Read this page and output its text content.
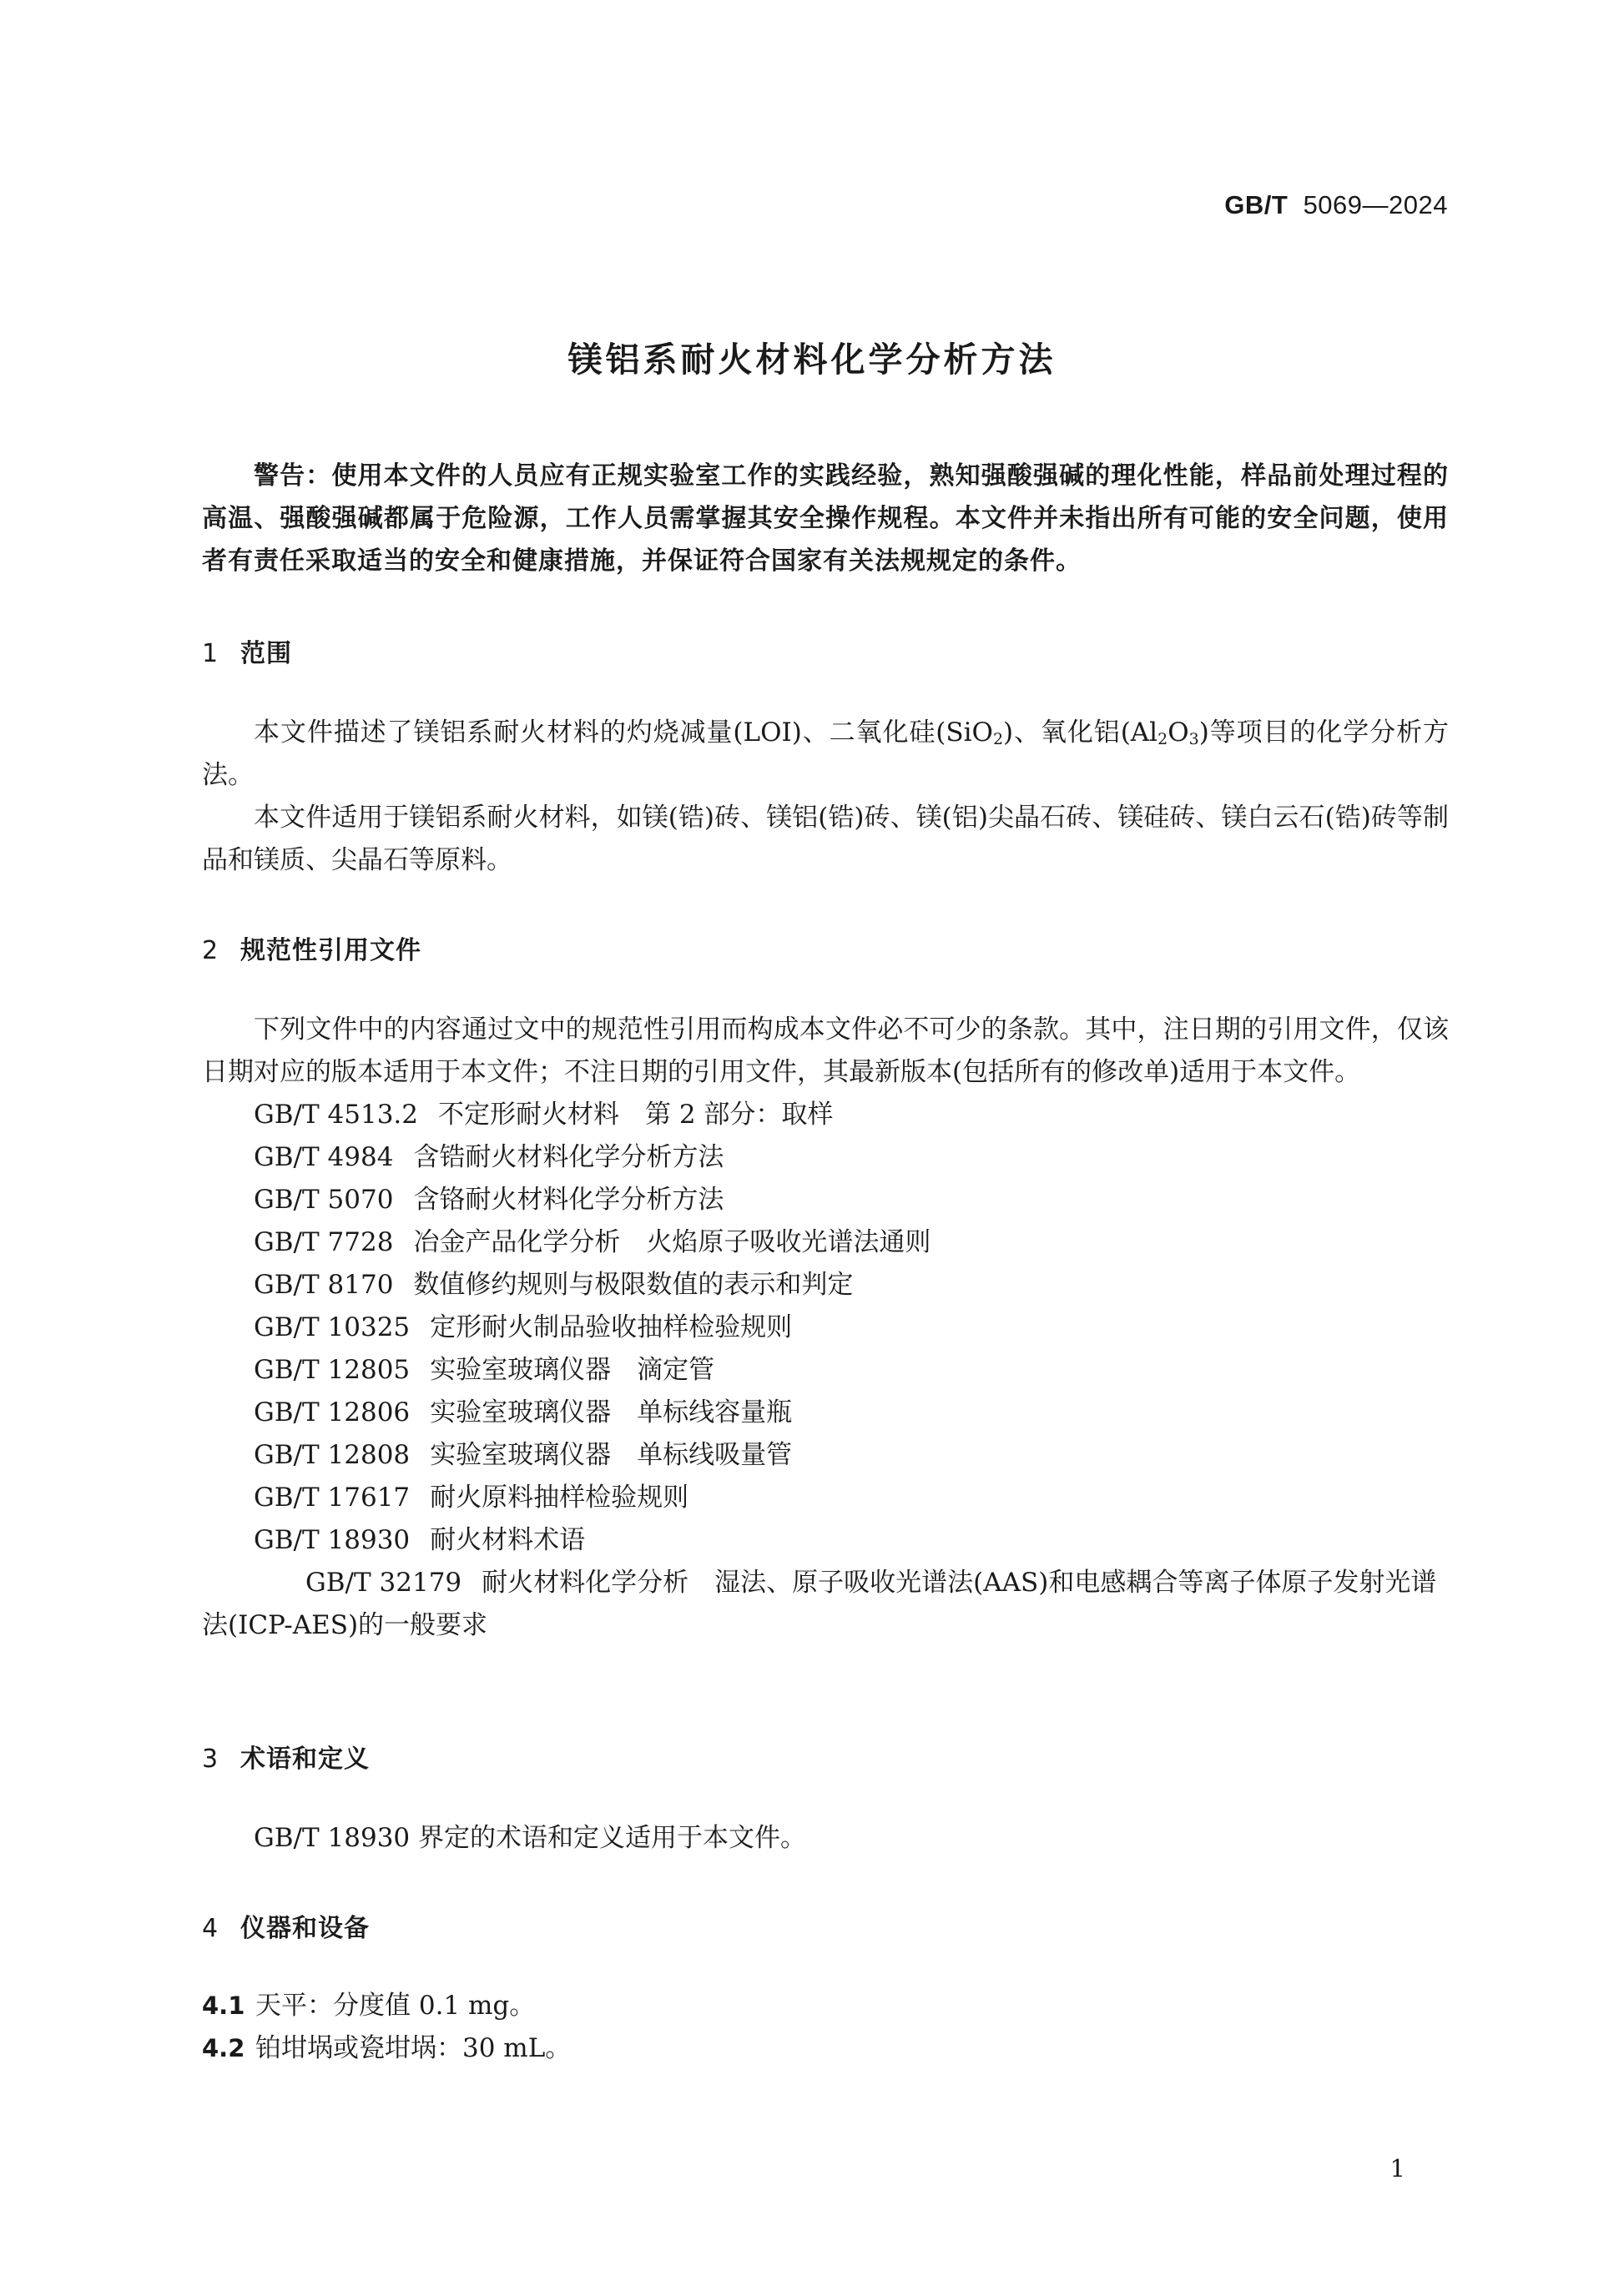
GB/T 5069—2024
镁铝系耐火材料化学分析方法

警告：使用本文件的人员应有正规实验室工作的实践经验，熟知强酸强碱的理化性能，样品前处理过程的高温、强酸强碱都属于危险源，工作人员需掌握其安全操作规程。本文件并未指出所有可能的安全问题，使用者有责任采取适当的安全和健康措施，并保证符合国家有关法规规定的条件。

1 范围

本文件描述了镁铝系耐火材料的灼烧减量(LOI)、二氧化硅(SiO$_2$)、氧化铝$(Al_2O_3)$等项目的化学分析方法。

本文件适用于镁铝系耐火材料，如镁(锆)砖、镁铝(锆)砖、镁(铝)尖晶石砖、镁硅砖、镁白云石(锆)砖等制品和镁质、尖晶石等原料。

2 规范性引用文件

下列文件中的内容通过文中的规范性引用而构成本文件必不可少的条款。其中，注日期的引用文件，仅该日期对应的版本适用于本文件；不注日期的引用文件，其最新版本(包括所有的修改单)适用于本文件。

GB/T 4513.2 不定形耐火材料　第 2 部分：取样

GB/T 4984 含锆耐火材料化学分析方法

GB/T 5070 含铬耐火材料化学分析方法

GB/T 7728 冶金产品化学分析　火焰原子吸收光谱法通则

GB/T 8170 数值修约规则与极限数值的表示和判定

GB/T 10325 定形耐火制品验收抽样检验规则

GB/T 12805 实验室玻璃仪器　滴定管

GB/T 12806 实验室玻璃仪器　单标线容量瓶

GB/T 12808 实验室玻璃仪器　单标线吸量管

GB/T 17617 耐火原料抽样检验规则

GB/T 18930 耐火材料术语

GB/T 32179 耐火材料化学分析　湿法、原子吸收光谱法(AAS)和电感耦合等离子体原子发射光谱法(ICP-AES)的一般要求

3 术语和定义

GB/T 18930 界定的术语和定义适用于本文件。

4 仪器和设备
4.1 天平：分度值 0.1 mg。
4.2 铂坩埚或瓷坩埚：30 mL。
1
